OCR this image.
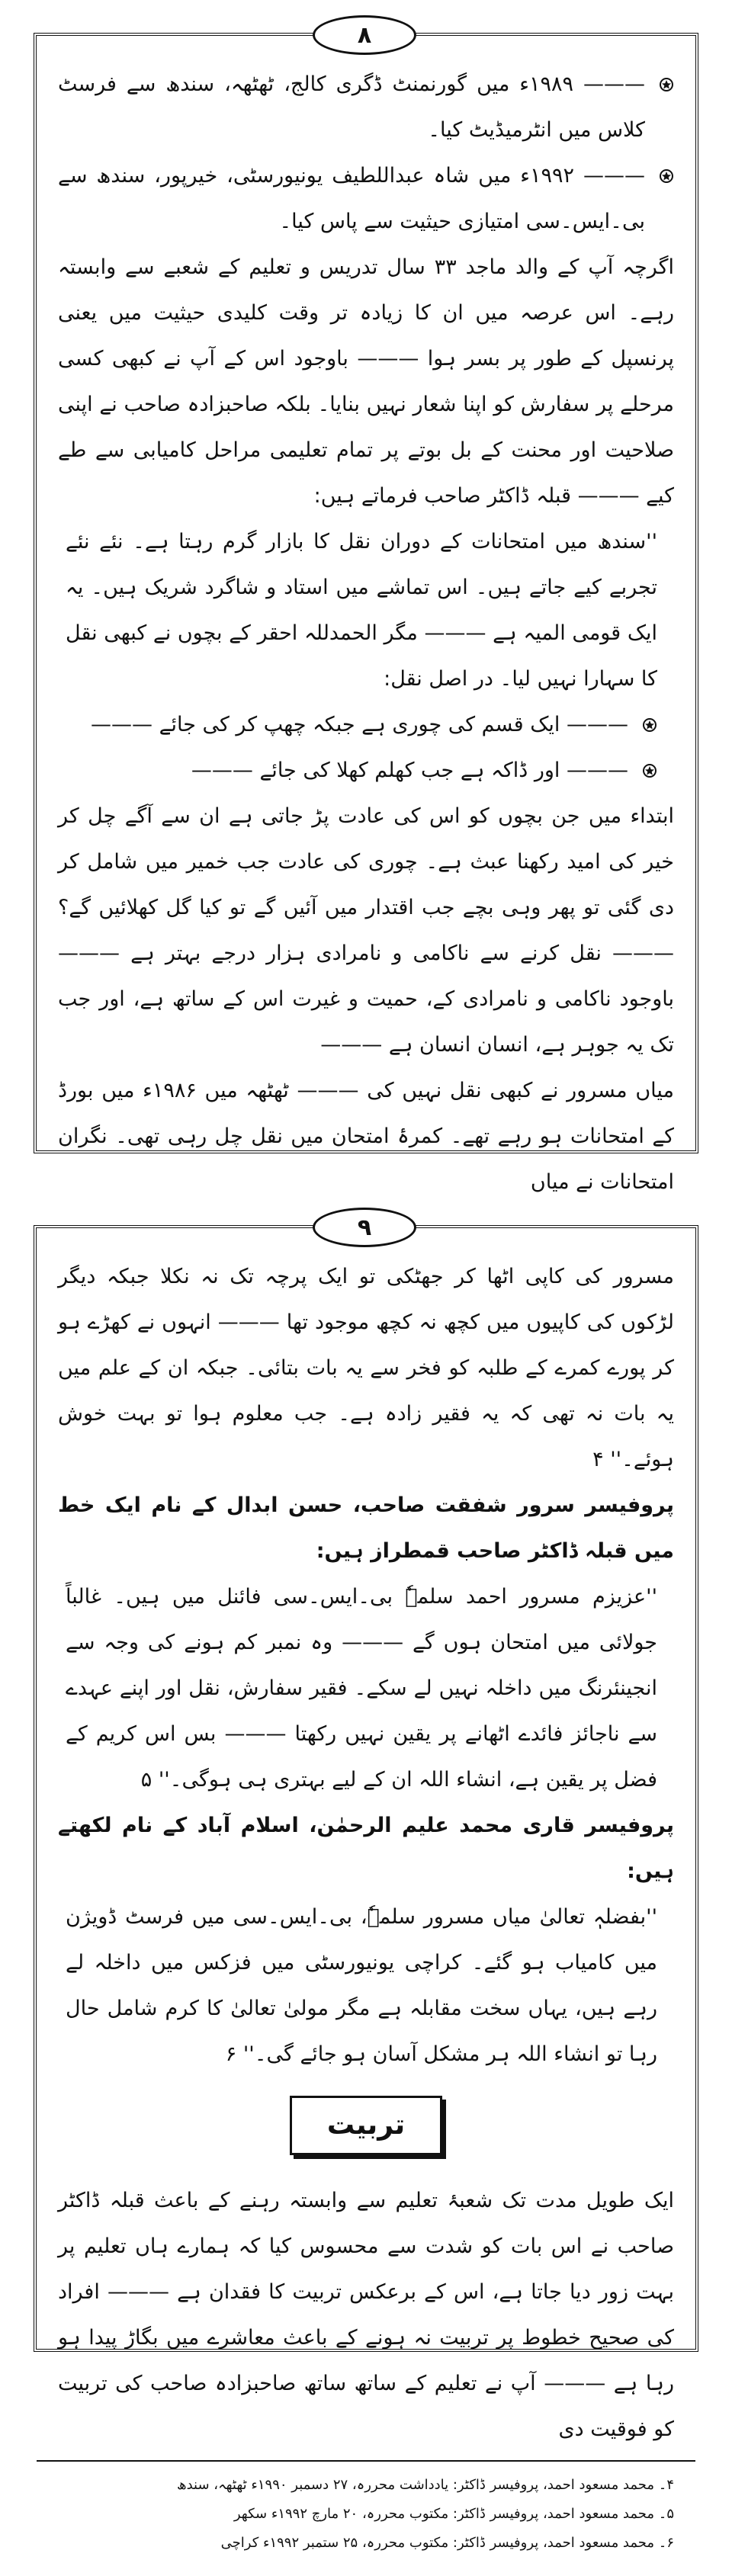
۸

——— ۱۹۸۹ء میں گورنمنٹ ڈگری کالج، ٹھٹھہ، سندھ سے فرسٹ کلاس میں انٹرمیڈیٹ کیا۔

——— ۱۹۹۲ء میں شاہ عبداللطیف یونیورسٹی، خیرپور، سندھ سے بی۔ایس۔سی امتیازی حیثیت سے پاس کیا۔

اگرچہ آپ کے والد ماجد ۳۳ سال تدریس و تعلیم کے شعبے سے وابستہ رہے۔ اس عرصہ میں ان کا زیادہ تر وقت کلیدی حیثیت میں یعنی پرنسپل کے طور پر بسر ہوا ——— باوجود اس کے آپ نے کبھی کسی مرحلے پر سفارش کو اپنا شعار نہیں بنایا۔ بلکہ صاحبزادہ صاحب نے اپنی صلاحیت اور محنت کے بل بوتے پر تمام تعلیمی مراحل کامیابی سے طے کیے ——— قبلہ ڈاکٹر صاحب فرماتے ہیں:

''سندھ میں امتحانات کے دوران نقل کا بازار گرم رہتا ہے۔ نئے نئے تجربے کیے جاتے ہیں۔ اس تماشے میں استاد و شاگرد شریک ہیں۔ یہ ایک قومی المیہ ہے ——— مگر الحمدللہ احقر کے بچوں نے کبھی نقل کا سہارا نہیں لیا۔ در اصل نقل:

——— ایک قسم کی چوری ہے جبکہ چھپ کر کی جائے ———

——— اور ڈاکہ ہے جب کھلم کھلا کی جائے ———

ابتداء میں جن بچوں کو اس کی عادت پڑ جاتی ہے ان سے آگے چل کر خیر کی امید رکھنا عبث ہے۔ چوری کی عادت جب خمیر میں شامل کر دی گئی تو پھر وہی بچے جب اقتدار میں آئیں گے تو کیا گل کھلائیں گے؟ ——— نقل کرنے سے ناکامی و نامرادی ہزار درجے بہتر ہے ——— باوجود ناکامی و نامرادی کے، حمیت و غیرت اس کے ساتھ ہے، اور جب تک یہ جوہر ہے، انسان انسان ہے ———

میاں مسرور نے کبھی نقل نہیں کی ——— ٹھٹھہ میں ۱۹۸۶ء میں بورڈ کے امتحانات ہو رہے تھے۔ کمرۂ امتحان میں نقل چل رہی تھی۔ نگران امتحانات نے میاں

۹

مسرور کی کاپی اٹھا کر جھٹکی تو ایک پرچہ تک نہ نکلا جبکہ دیگر لڑکوں کی کاپیوں میں کچھ نہ کچھ موجود تھا ——— انہوں نے کھڑے ہو کر پورے کمرے کے طلبہ کو فخر سے یہ بات بتائی۔ جبکہ ان کے علم میں یہ بات نہ تھی کہ یہ فقیر زادہ ہے۔ جب معلوم ہوا تو بہت خوش ہوئے۔'' ۴

پروفیسر سرور شفقت صاحب، حسن ابدال کے نام ایک خط میں قبلہ ڈاکٹر صاحب قمطراز ہیں:

''عزیزم مسرور احمد سلمہٗ بی۔ایس۔سی فائنل میں ہیں۔ غالباً جولائی میں امتحان ہوں گے ——— وہ نمبر کم ہونے کی وجہ سے انجینئرنگ میں داخلہ نہیں لے سکے۔ فقیر سفارش، نقل اور اپنے عہدے سے ناجائز فائدے اٹھانے پر یقین نہیں رکھتا ——— بس اس کریم کے فضل پر یقین ہے، انشاء اللہ ان کے لیے بہتری ہی ہوگی۔'' ۵

پروفیسر قاری محمد علیم الرحمٰن، اسلام آباد کے نام لکھتے ہیں:

''بفضلہٖ تعالیٰ میاں مسرور سلمہٗ، بی۔ایس۔سی میں فرسٹ ڈویژن میں کامیاب ہو گئے۔ کراچی یونیورسٹی میں فزکس میں داخلہ لے رہے ہیں، یہاں سخت مقابلہ ہے مگر مولیٰ تعالیٰ کا کرم شامل حال رہا تو انشاء اللہ ہر مشکل آسان ہو جائے گی۔'' ۶

تربیت

ایک طویل مدت تک شعبۂ تعلیم سے وابستہ رہنے کے باعث قبلہ ڈاکٹر صاحب نے اس بات کو شدت سے محسوس کیا کہ ہمارے ہاں تعلیم پر بہت زور دیا جاتا ہے، اس کے برعکس تربیت کا فقدان ہے ——— افراد کی صحیح خطوط پر تربیت نہ ہونے کے باعث معاشرے میں بگاڑ پیدا ہو رہا ہے ——— آپ نے تعلیم کے ساتھ ساتھ صاحبزادہ صاحب کی تربیت کو فوقیت دی

۴۔ محمد مسعود احمد، پروفیسر ڈاکٹر: یادداشت محررہ، ۲۷ دسمبر ۱۹۹۰ء ٹھٹھہ، سندھ
۵۔ محمد مسعود احمد، پروفیسر ڈاکٹر: مکتوب محررہ، ۲۰ مارچ ۱۹۹۲ء سکھر
۶۔ محمد مسعود احمد، پروفیسر ڈاکٹر: مکتوب محررہ، ۲۵ ستمبر ۱۹۹۲ء کراچی
